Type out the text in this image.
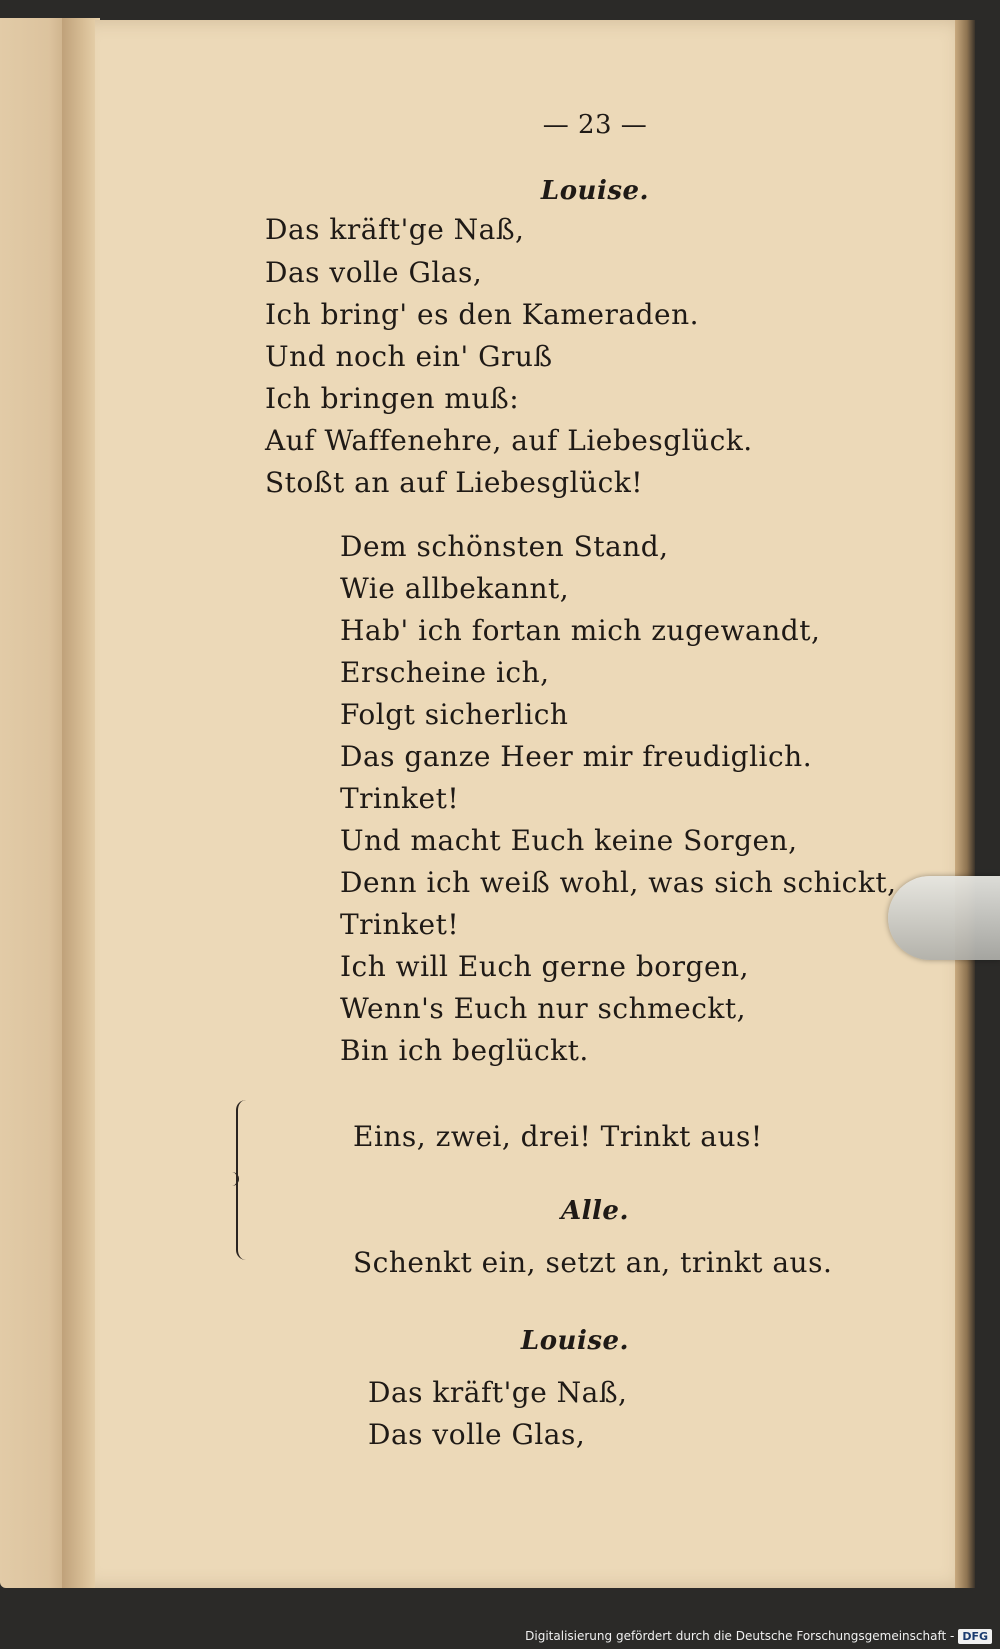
— 23 —
Louise.
Das kräft'ge Naß,
Das volle Glas,
Ich bring' es den Kameraden.
Und noch ein' Gruß
Ich bringen muß:
Auf Waffenehre, auf Liebesglück.
Stoßt an auf Liebesglück!
Dem schönsten Stand,
Wie allbekannt,
Hab' ich fortan mich zugewandt,
Erscheine ich,
Folgt sicherlich
Das ganze Heer mir freudiglich.
Trinket!
Und macht Euch keine Sorgen,
Denn ich weiß wohl, was sich schickt,
Trinket!
Ich will Euch gerne borgen,
Wenn's Euch nur schmeckt,
Bin ich beglückt.
Eins, zwei, drei! Trinkt aus!
Alle.
Schenkt ein, setzt an, trinkt aus.
Louise.
Das kräft'ge Naß,
Das volle Glas,
Digitalisierung gefördert durch die Deutsche Forschungsgemeinschaft - DFG
